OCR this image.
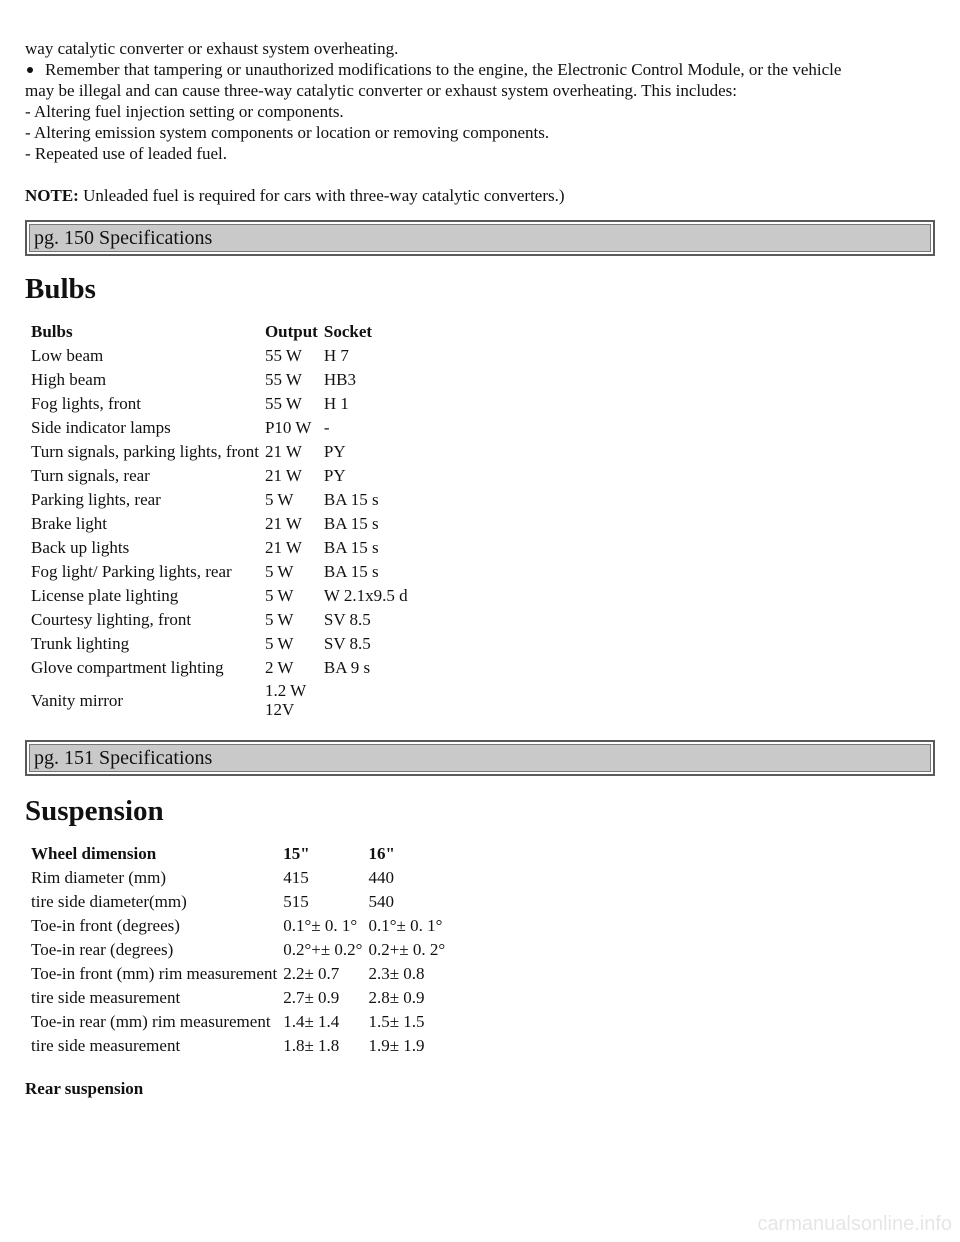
way catalytic converter or exhaust system overheating.

Remember that tampering or unauthorized modifications to the engine, the Electronic Control Module, or the vehicle

may be illegal and can cause three-way catalytic converter or exhaust system overheating. This includes:

- Altering fuel injection setting or components.

- Altering emission system components or location or removing components.

- Repeated use of leaded fuel.

NOTE: Unleaded fuel is required for cars with three-way catalytic converters.)

pg. 150 Specifications
Bulbs
Bulbs	Output	Socket
Low beam	55 W	H 7
High beam	55 W	HB3
Fog lights, front	55 W	H 1
Side indicator lamps	P10 W	-
Turn signals, parking lights, front	21 W	PY
Turn signals, rear	21 W	PY
Parking lights, rear	5 W	BA 15 s
Brake light	21 W	BA 15 s
Back up lights	21 W	BA 15 s
Fog light/ Parking lights, rear	5 W	BA 15 s
License plate lighting	5 W	W 2.1x9.5 d
Courtesy lighting, front	5 W	SV 8.5
Trunk lighting	5 W	SV 8.5
Glove compartment lighting	2 W	BA 9 s
Vanity mirror	1.2 W
12V	
pg. 151 Specifications
Suspension
Wheel dimension	15"	16"
Rim diameter (mm)	415	440
tire side diameter(mm)	515	540
Toe-in front (degrees)	0.1°± 0. 1°	0.1°± 0. 1°
Toe-in rear (degrees)	0.2°+± 0.2°	0.2+± 0. 2°
Toe-in front (mm) rim measurement	2.2± 0.7	2.3± 0.8
tire side measurement	2.7± 0.9	2.8± 0.9
Toe-in rear (mm) rim measurement	1.4± 1.4	1.5± 1.5
tire side measurement	1.8± 1.8	1.9± 1.9

Rear suspension

carmanualsonline.info
